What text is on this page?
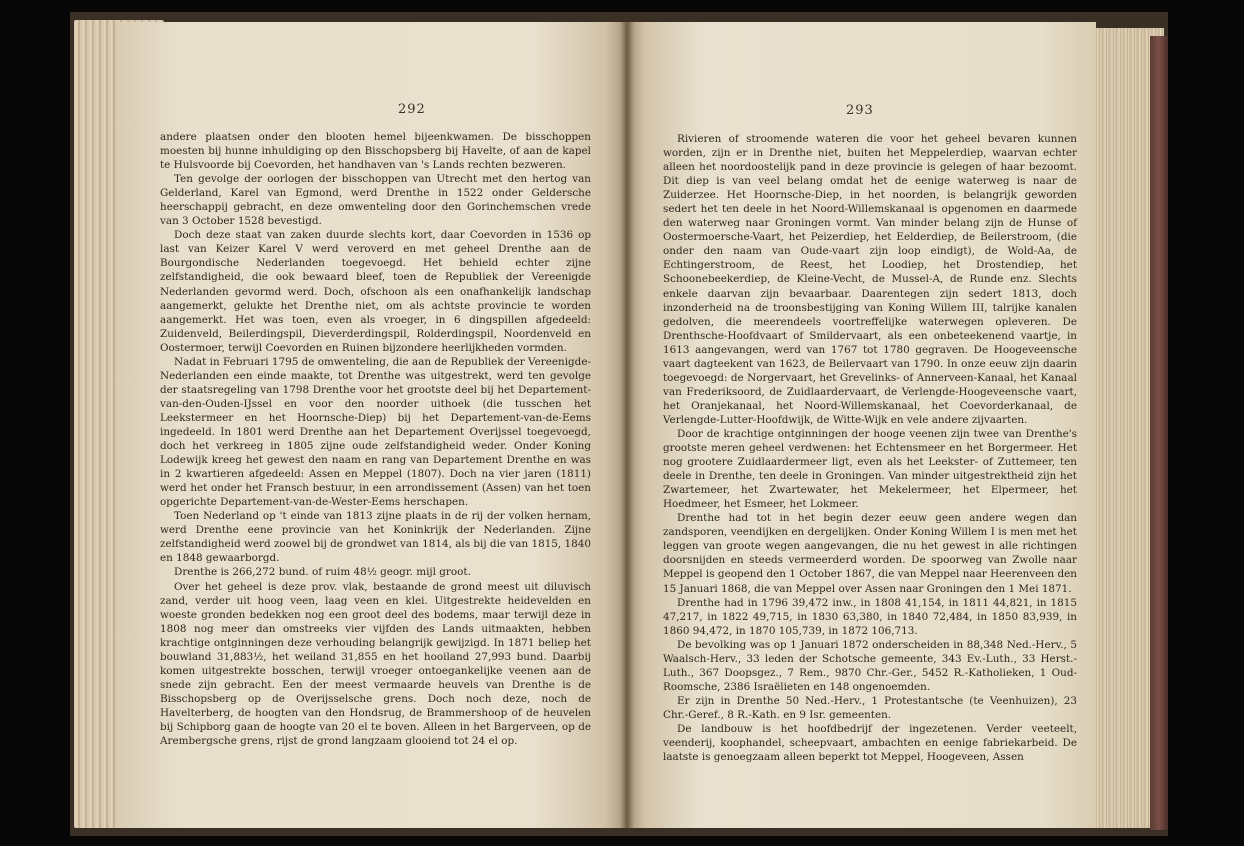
292	293

andere plaatsen onder den blooten hemel bijeenkwamen. De bisschoppen moesten bij hunne inhuldiging op den Bisschopsberg bij Havelte, of aan de kapel te Hulsvoorde bij Coevorden, het handhaven van 's Lands rechten bezweren.

Ten gevolge der oorlogen der bisschoppen van Utrecht met den hertog van Gelderland, Karel van Egmond, werd Drenthe in 1522 onder Geldersche heerschappij gebracht, en deze omwenteling door den Gorinchemschen vrede van 3 October 1528 bevestigd.

Doch deze staat van zaken duurde slechts kort, daar Coevorden in 1536 op last van Keizer Karel V werd veroverd en met geheel Drenthe aan de Bourgondische Nederlanden toegevoegd. Het behield echter zijne zelfstandigheid, die ook bewaard bleef, toen de Republiek der Vereenigde Nederlanden gevormd werd. Doch, ofschoon als een onafhankelijk landschap aangemerkt, gelukte het Drenthe niet, om als achtste provincie te worden aangemerkt. Het was toen, even als vroeger, in 6 dingspillen afgedeeld: Zuidenveld, Beilerdingspil, Dieverderdingspil, Rolderdingspil, Noordenveld en Oostermoer, terwijl Coevorden en Ruinen bijzondere heerlijkheden vormden.

Nadat in Februari 1795 de omwenteling, die aan de Republiek der Vereenigde-Nederlanden een einde maakte, tot Drenthe was uitgestrekt, werd ten gevolge der staatsregeling van 1798 Drenthe voor het grootste deel bij het Departement-van-den-Ouden-IJssel en voor den noorder uithoek (die tusschen het Leekstermeer en het Hoornsche-Diep) bij het Departement-van-de-Eems ingedeeld. In 1801 werd Drenthe aan het Departement Overijssel toegevoegd, doch het verkreeg in 1805 zijne oude zelfstandigheid weder. Onder Koning Lodewijk kreeg het gewest den naam en rang van Departement Drenthe en was in 2 kwartieren afgedeeld: Assen en Meppel (1807). Doch na vier jaren (1811) werd het onder het Fransch bestuur, in een arrondissement (Assen) van het toen opgerichte Departement-van-de-Wester-Eems herschapen.

Toen Nederland op 't einde van 1813 zijne plaats in de rij der volken hernam, werd Drenthe eene provincie van het Koninkrijk der Nederlanden. Zijne zelfstandigheid werd zoowel bij de grondwet van 1814, als bij die van 1815, 1840 en 1848 gewaarborgd.

Drenthe is 266,272 bund. of ruim 48½ geogr. mijl groot.

Over het geheel is deze prov. vlak, bestaande de grond meest uit diluvisch zand, verder uit hoog veen, laag veen en klei. Uitgestrekte heidevelden en woeste gronden bedekken nog een groot deel des bodems, maar terwijl deze in 1808 nog meer dan omstreeks vier vijfden des Lands uitmaakten, hebben krachtige ontginningen deze verhouding belangrijk gewijzigd. In 1871 beliep het bouwland 31,883½, het weiland 31,855 en het hooiland 27,993 bund. Daarbij komen uitgestrekte bosschen, terwijl vroeger ontoegankelijke veenen aan de snede zijn gebracht. Een der meest vermaarde heuvels van Drenthe is de Bisschopsberg op de Overijsselsche grens. Doch noch deze, noch de Havelterberg, de hoogten van den Hondsrug, de Brammershoop of de heuvelen bij Schipborg gaan de hoogte van 20 el te boven. Alleen in het Bargerveen, op de Arembergsche grens, rijst de grond langzaam glooiend tot 24 el op.

Rivieren of stroomende wateren die voor het geheel bevaren kunnen worden, zijn er in Drenthe niet, buiten het Meppelerdiep, waarvan echter alleen het noordoostelijk pand in deze provincie is gelegen of haar bezoomt. Dit diep is van veel belang omdat het de eenige waterweg is naar de Zuiderzee. Het Hoornsche-Diep, in het noorden, is belangrijk geworden sedert het ten deele in het Noord-Willemskanaal is opgenomen en daarmede den waterweg naar Groningen vormt. Van minder belang zijn de Hunse of Oostermoersche-Vaart, het Peizerdiep, het Eelderdiep, de Beilerstroom, (die onder den naam van Oude-vaart zijn loop eindigt), de Wold-Aa, de Echtingerstroom, de Reest, het Loodiep, het Drostendiep, het Schoonebeekerdiep, de Kleine-Vecht, de Mussel-A, de Runde enz. Slechts enkele daarvan zijn bevaarbaar. Daarentegen zijn sedert 1813, doch inzonderheid na de troonsbestijging van Koning Willem III, talrijke kanalen gedolven, die meerendeels voortreffelijke waterwegen opleveren. De Drenthsche-Hoofdvaart of Smildervaart, als een onbeteekenend vaartje, in 1613 aangevangen, werd van 1767 tot 1780 gegraven. De Hoogeveensche vaart dagteekent van 1623, de Beilervaart van 1790. In onze eeuw zijn daarin toegevoegd: de Norgervaart, het Grevelinks- of Annerveen-Kanaal, het Kanaal van Frederiksoord, de Zuidlaardervaart, de Verlengde-Hoogeveensche vaart, het Oranjekanaal, het Noord-Willemskanaal, het Coevorderkanaal, de Verlengde-Lutter-Hoofdwijk, de Witte-Wijk en vele andere zijvaarten.

Door de krachtige ontginningen der hooge veenen zijn twee van Drenthe's grootste meren geheel verdwenen: het Echtensmeer en het Borgermeer. Het nog grootere Zuidlaardermeer ligt, even als het Leekster- of Zuttemeer, ten deele in Drenthe, ten deele in Groningen. Van minder uitgestrektheid zijn het Zwartemeer, het Zwartewater, het Mekelermeer, het Elpermeer, het Hoedmeer, het Esmeer, het Lokmeer.

Drenthe had tot in het begin dezer eeuw geen andere wegen dan zandsporen, veendijken en dergelijken. Onder Koning Willem I is men met het leggen van groote wegen aangevangen, die nu het gewest in alle richtingen doorsnijden en steeds vermeerderd worden. De spoorweg van Zwolle naar Meppel is geopend den 1 October 1867, die van Meppel naar Heerenveen den 15 Januari 1868, die van Meppel over Assen naar Groningen den 1 Mei 1871.

Drenthe had in 1796 39,472 inw., in 1808 41,154, in 1811 44,821, in 1815 47,217, in 1822 49,715, in 1830 63,380, in 1840 72,484, in 1850 83,939, in 1860 94,472, in 1870 105,739, in 1872 106,713.

De bevolking was op 1 Januari 1872 onderscheiden in 88,348 Ned.-Herv., 5 Waalsch-Herv., 33 leden der Schotsche gemeente, 343 Ev.-Luth., 33 Herst.-Luth., 367 Doopsgez., 7 Rem., 9870 Chr.-Ger., 5452 R.-Katholieken, 1 Oud-Roomsche, 2386 Israëlieten en 148 ongenoemden.

Er zijn in Drenthe 50 Ned.-Herv., 1 Protestantsche (te Veenhuizen), 23 Chr.-Geref., 8 R.-Kath. en 9 Isr. gemeenten.

De landbouw is het hoofdbedrijf der ingezetenen. Verder veeteelt, veenderij, koophandel, scheepvaart, ambachten en eenige fabriekarbeid. De laatste is genoegzaam alleen beperkt tot Meppel, Hoogeveen, Assen
